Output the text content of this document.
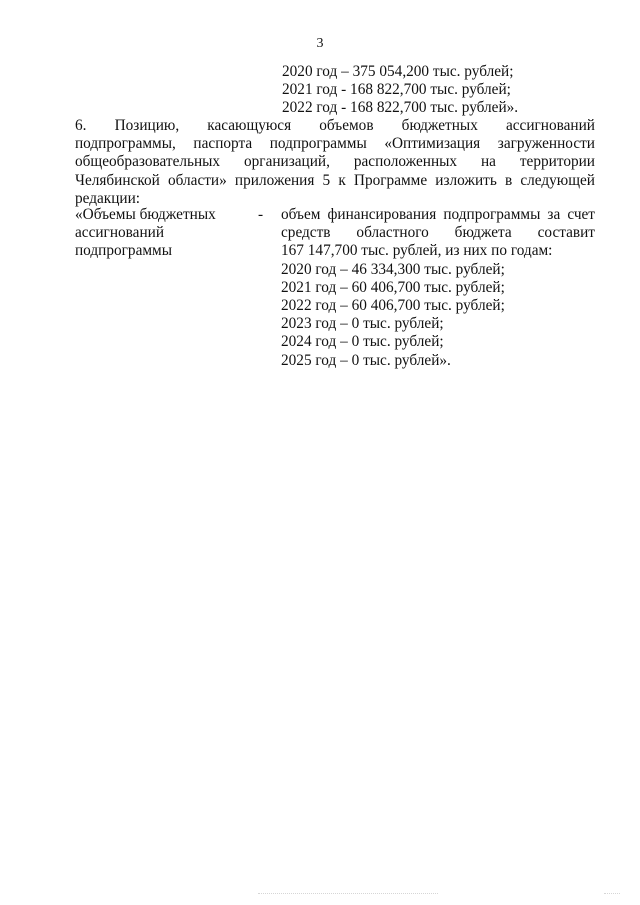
3
2020 год – 375 054,200 тыс. рублей;
2021 год - 168 822,700 тыс. рублей;
2022 год - 168 822,700 тыс. рублей».
6. Позицию, касающуюся объемов бюджетных ассигнований
подпрограммы, паспорта подпрограммы «Оптимизация загруженности
общеобразовательных организаций, расположенных на территории
Челябинской области» приложения 5 к Программе изложить в следующей
редакции:
«Объемы бюджетных
ассигнований
подпрограммы
- объем финансирования подпрограммы за счет
средств областного бюджета составит
167 147,700 тыс. рублей, из них по годам:
2020 год – 46 334,300 тыс. рублей;
2021 год – 60 406,700 тыс. рублей;
2022 год – 60 406,700 тыс. рублей;
2023 год – 0 тыс. рублей;
2024 год – 0 тыс. рублей;
2025 год – 0 тыс. рублей».
